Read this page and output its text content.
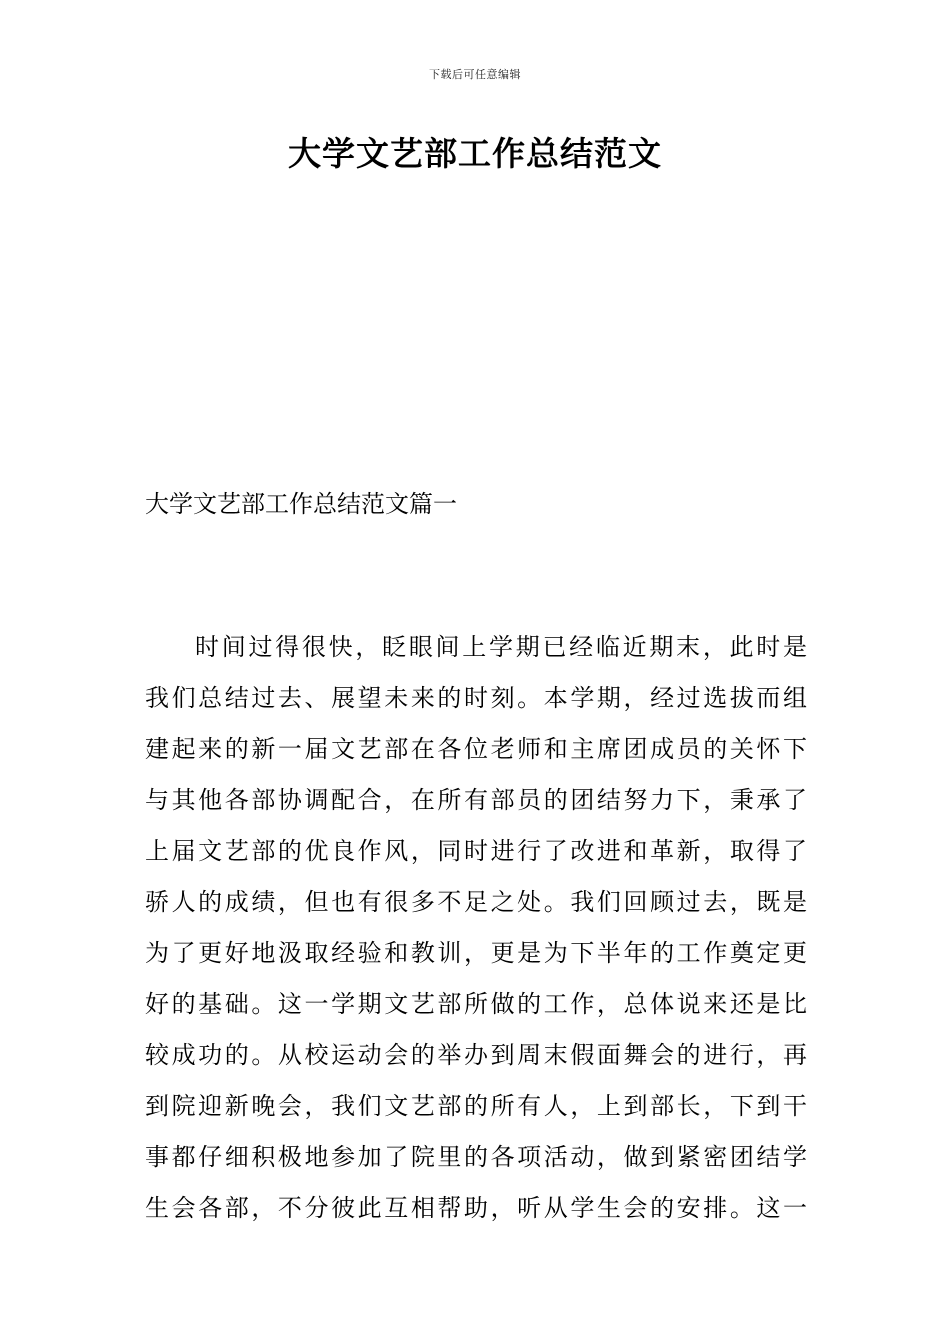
下载后可任意编辑
大学文艺部工作总结范文
大学文艺部工作总结范文篇一
时间过得很快，眨眼间上学期已经临近期末，此时是
我们总结过去、展望未来的时刻。本学期，经过选拔而组
建起来的新一届文艺部在各位老师和主席团成员的关怀下
与其他各部协调配合，在所有部员的团结努力下，秉承了
上届文艺部的优良作风，同时进行了改进和革新，取得了
骄人的成绩，但也有很多不足之处。我们回顾过去，既是
为了更好地汲取经验和教训，更是为下半年的工作奠定更
好的基础。这一学期文艺部所做的工作，总体说来还是比
较成功的。从校运动会的举办到周末假面舞会的进行，再
到院迎新晚会，我们文艺部的所有人，上到部长，下到干
事都仔细积极地参加了院里的各项活动，做到紧密团结学
生会各部，不分彼此互相帮助，听从学生会的安排。这一
